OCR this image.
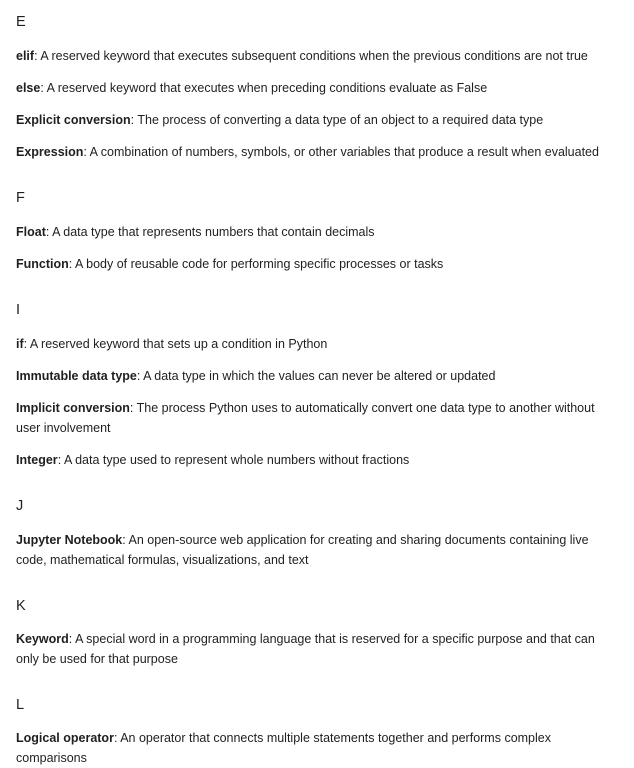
E

elif: A reserved keyword that executes subsequent conditions when the previous conditions are not true

else: A reserved keyword that executes when preceding conditions evaluate as False

Explicit conversion: The process of converting a data type of an object to a required data type

Expression: A combination of numbers, symbols, or other variables that produce a result when evaluated

F

Float: A data type that represents numbers that contain decimals

Function: A body of reusable code for performing specific processes or tasks

I

if: A reserved keyword that sets up a condition in Python

Immutable data type: A data type in which the values can never be altered or updated

Implicit conversion: The process Python uses to automatically convert one data type to another without user involvement

Integer: A data type used to represent whole numbers without fractions

J

Jupyter Notebook: An open-source web application for creating and sharing documents containing live code, mathematical formulas, visualizations, and text

K

Keyword: A special word in a programming language that is reserved for a specific purpose and that can only be used for that purpose

L

Logical operator: An operator that connects multiple statements together and performs complex comparisons
